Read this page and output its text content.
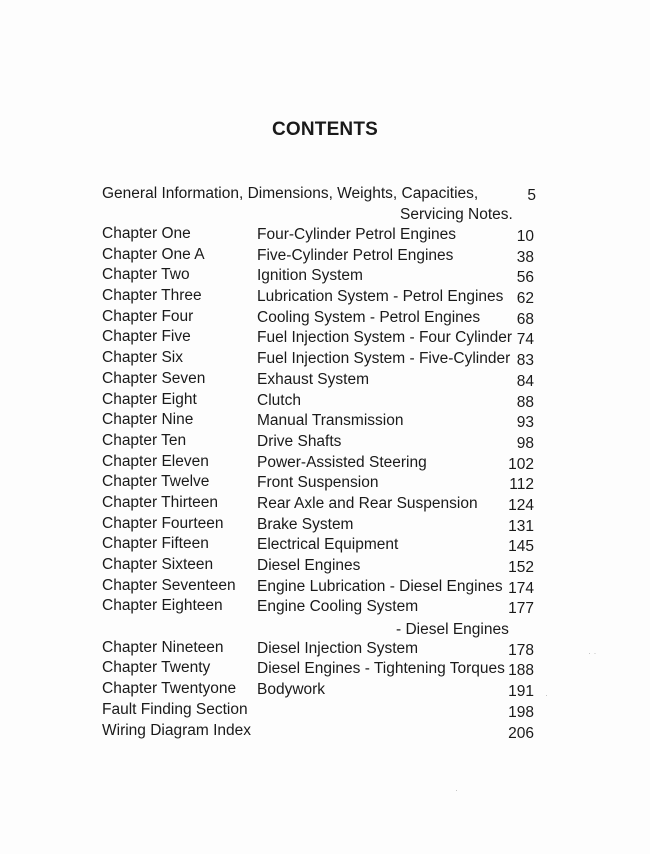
CONTENTS
General Information, Dimensions, Weights, Capacities,
Servicing Notes.
5
Chapter One	Four-Cylinder Petrol Engines	10
Chapter One A	Five-Cylinder Petrol Engines	38
Chapter Two	Ignition System	56
Chapter Three	Lubrication System - Petrol Engines 62
Chapter Four	Cooling System - Petrol Engines 68
Chapter Five	Fuel Injection System - Four Cylinder 74
Chapter Six	Fuel Injection System - Five-Cylinder 83
Chapter Seven	Exhaust System	84
Chapter Eight	Clutch	88
Chapter Nine	Manual Transmission	93
Chapter Ten	Drive Shafts	98
Chapter Eleven	Power-Assisted Steering	102
Chapter Twelve	Front Suspension	112
Chapter Thirteen	Rear Axle and Rear Suspension 124
Chapter Fourteen Brake System	131
Chapter Fifteen	Electrical Equipment	145
Chapter Sixteen	Diesel Engines	152
Chapter Seventeen Engine Lubrication - Diesel Engines 174
Chapter Eighteen Engine Cooling System	177
- Diesel Engines
Chapter Nineteen Diesel Injection System	178
Chapter Twenty	Diesel Engines - Tightening Torques 188
Chapter Twentyone Bodywork	191
Fault Finding Section	198
Wiring Diagram Index	206
· ·
·
·
